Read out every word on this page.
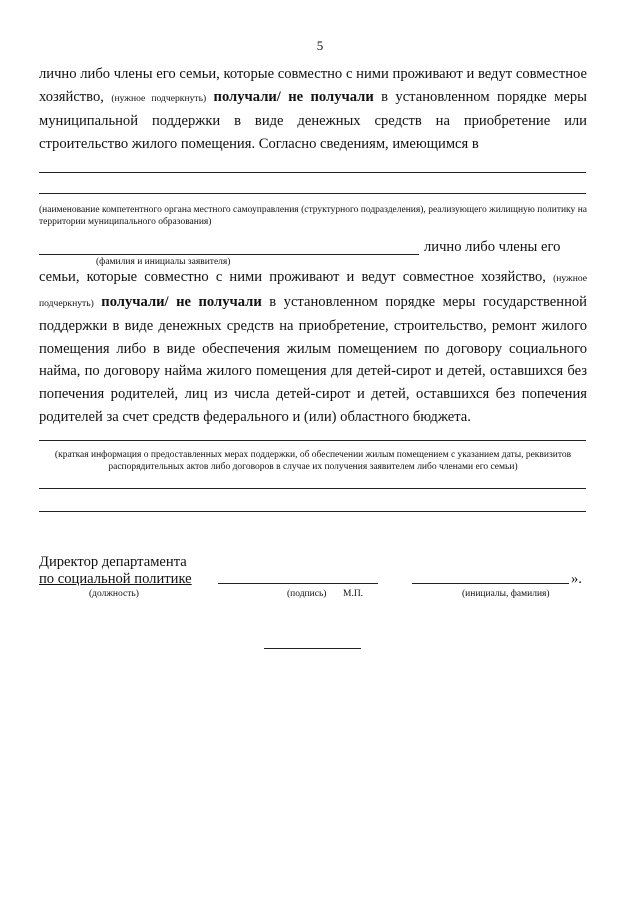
5
лично либо члены его семьи, которые совместно с ними проживают и ведут совместное хозяйство, (нужное подчеркнуть) получали/ не получали в установленном порядке меры муниципальной поддержки в виде денежных средств на приобретение или строительство жилого помещения. Согласно сведениям, имеющимся в
(наименование компетентного органа местного самоуправления (структурного подразделения), реализующего жилищную политику на территории муниципального образования)
лично либо члены его
(фамилия и инициалы заявителя)
семьи, которые совместно с ними проживают и ведут совместное хозяйство, (нужное подчеркнуть) получали/ не получали в установленном порядке меры государственной поддержки в виде денежных средств на приобретение, строительство, ремонт жилого помещения либо в виде обеспечения жилым помещением по договору социального найма, по договору найма жилого помещения для детей-сирот и детей, оставшихся без попечения родителей, лиц из числа детей-сирот и детей, оставшихся без попечения родителей за счет средств федерального и (или) областного бюджета.
(краткая информация о предоставленных мерах поддержки, об обеспечении жилым помещением с указанием даты, реквизитов распорядительных актов либо договоров в случае их получения заявителем либо членами его семьи)
Директор департамента
по социальной политике	».
(должность)	(подпись) М.П.	(инициалы, фамилия)
